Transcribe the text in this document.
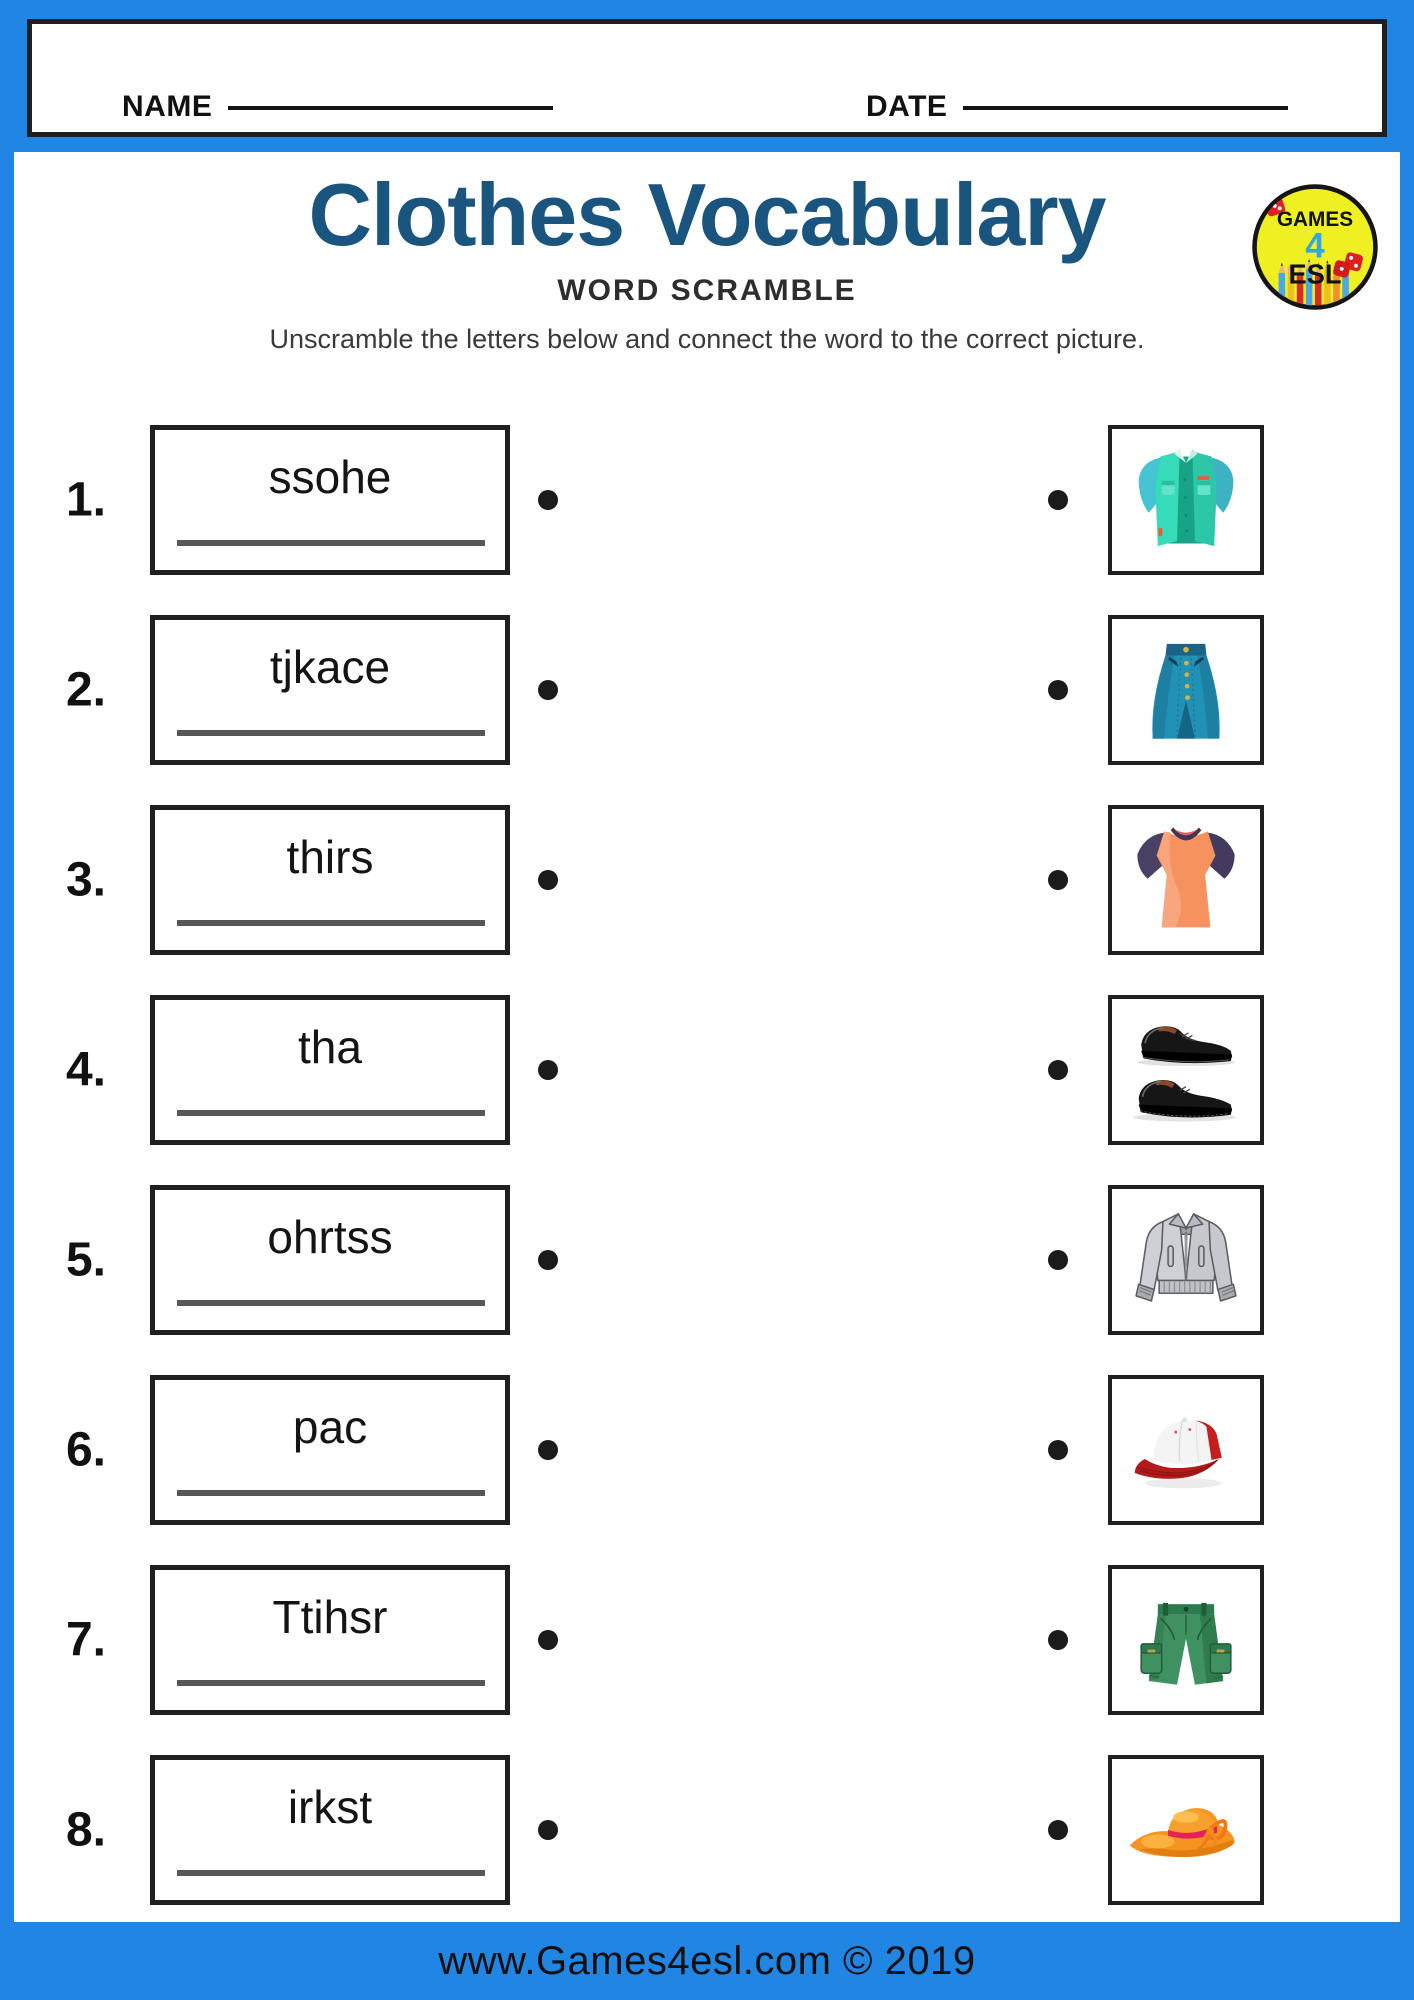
NAME	DATE
Clothes Vocabulary
WORD SCRAMBLE
Unscramble the letters below and connect the word to the correct picture.
GAMES
4
ESL
1.	ssohe
2.	tjkace
3.	thirs
4.	tha
5.	ohrtss
6.	pac
7.	Ttihsr
8.	irkst
www.Games4esl.com © 2019
